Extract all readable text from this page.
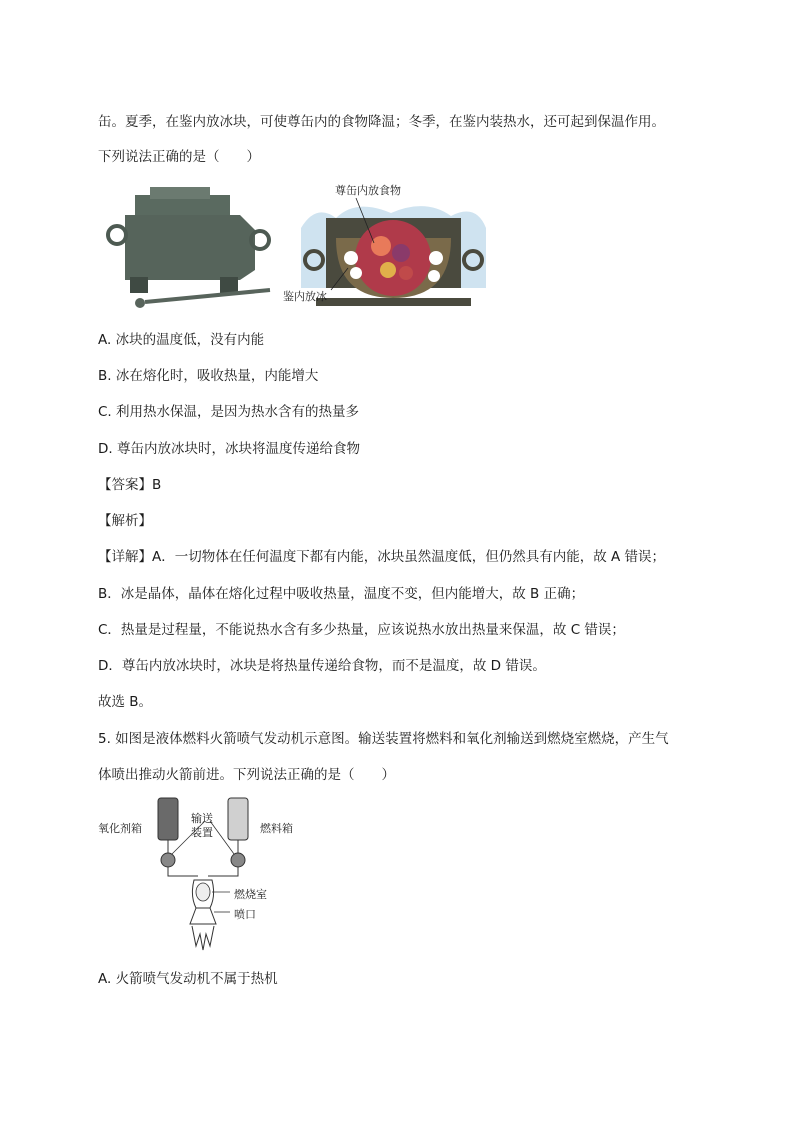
缶。夏季，在鉴内放冰块，可使尊缶内的食物降温；冬季，在鉴内装热水，还可起到保温作用。
下列说法正确的是（　　）
尊缶内放食物
鉴内放冰
A. 冰块的温度低，没有内能
B. 冰在熔化时，吸收热量，内能增大
C. 利用热水保温，是因为热水含有的热量多
D. 尊缶内放冰块时，冰块将温度传递给食物
【答案】B
【解析】
【详解】A．一切物体在任何温度下都有内能，冰块虽然温度低，但仍然具有内能，故 A 错误；
B．冰是晶体，晶体在熔化过程中吸收热量，温度不变，但内能增大，故 B 正确；
C．热量是过程量，不能说热水含有多少热量，应该说热水放出热量来保温，故 C 错误；
D．尊缶内放冰块时，冰块是将热量传递给食物，而不是温度，故 D 错误。
故选 B。
5. 如图是液体燃料火箭喷气发动机示意图。输送装置将燃料和氧化剂输送到燃烧室燃烧，产生气
体喷出推动火箭前进。下列说法正确的是（　　）
氧化剂箱
输送
装置	燃料箱
燃烧室
喷口
A. 火箭喷气发动机不属于热机
